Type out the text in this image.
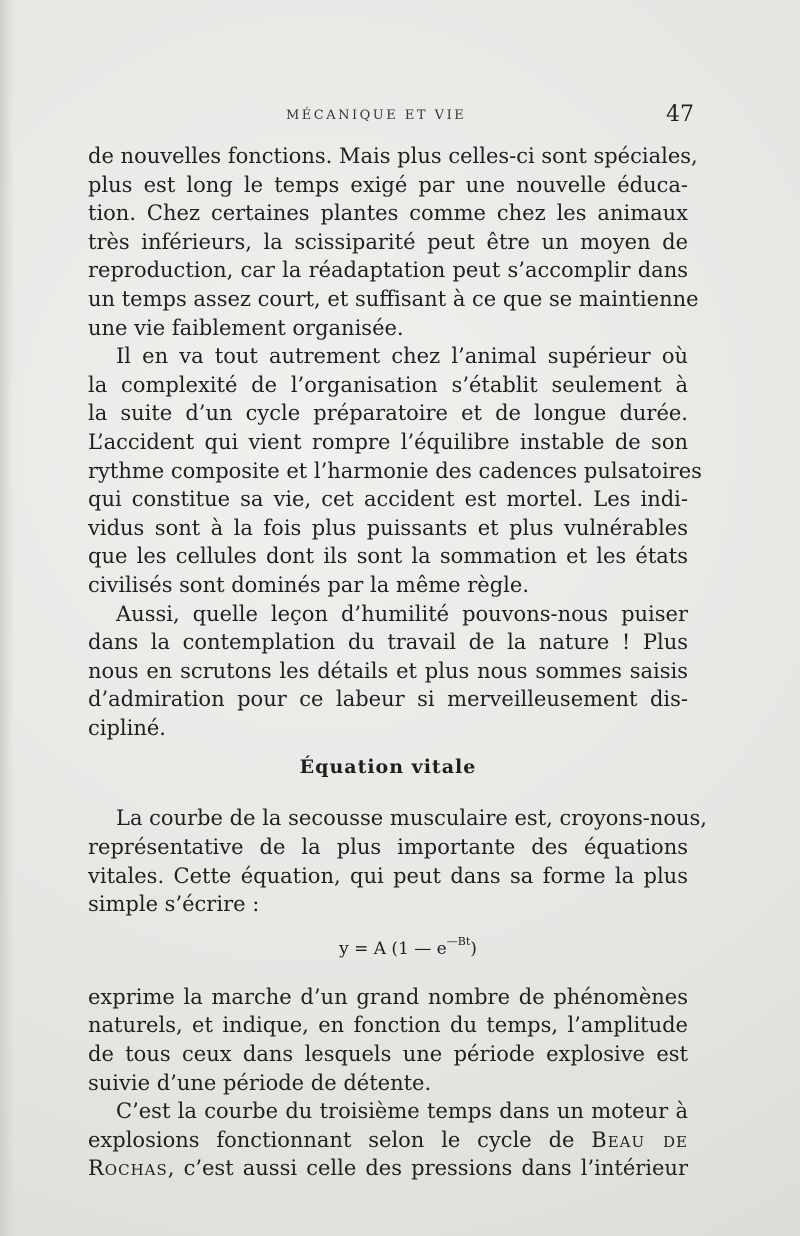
MÉCANIQUE ET VIE	47
de nouvelles fonctions. Mais plus celles-ci sont spéciales,
plus est long le temps exigé par une nouvelle éduca-
tion. Chez certaines plantes comme chez les animaux
très inférieurs, la scissiparité peut être un moyen de
reproduction, car la réadaptation peut s’accomplir dans
un temps assez court, et suffisant à ce que se maintienne
une vie faiblement organisée.
Il en va tout autrement chez l’animal supérieur où
la complexité de l’organisation s’établit seulement à
la suite d’un cycle préparatoire et de longue durée.
L’accident qui vient rompre l’équilibre instable de son
rythme composite et l’harmonie des cadences pulsatoires
qui constitue sa vie, cet accident est mortel. Les indi-
vidus sont à la fois plus puissants et plus vulnérables
que les cellules dont ils sont la sommation et les états
civilisés sont dominés par la même règle.
Aussi, quelle leçon d’humilité pouvons-nous puiser
dans la contemplation du travail de la nature ! Plus
nous en scrutons les détails et plus nous sommes saisis
d’admiration pour ce labeur si merveilleusement dis-
cipliné.
Équation vitale
La courbe de la secousse musculaire est, croyons-nous,
représentative de la plus importante des équations
vitales. Cette équation, qui peut dans sa forme la plus
simple s’écrire :
y = A (1 — $e^{—Bt}$)
exprime la marche d’un grand nombre de phénomènes
naturels, et indique, en fonction du temps, l’amplitude
de tous ceux dans lesquels une période explosive est
suivie d’une période de détente.
C’est la courbe du troisième temps dans un moteur à
explosions fonctionnant selon le cycle de Beau de
Rochas, c’est aussi celle des pressions dans l’intérieur
